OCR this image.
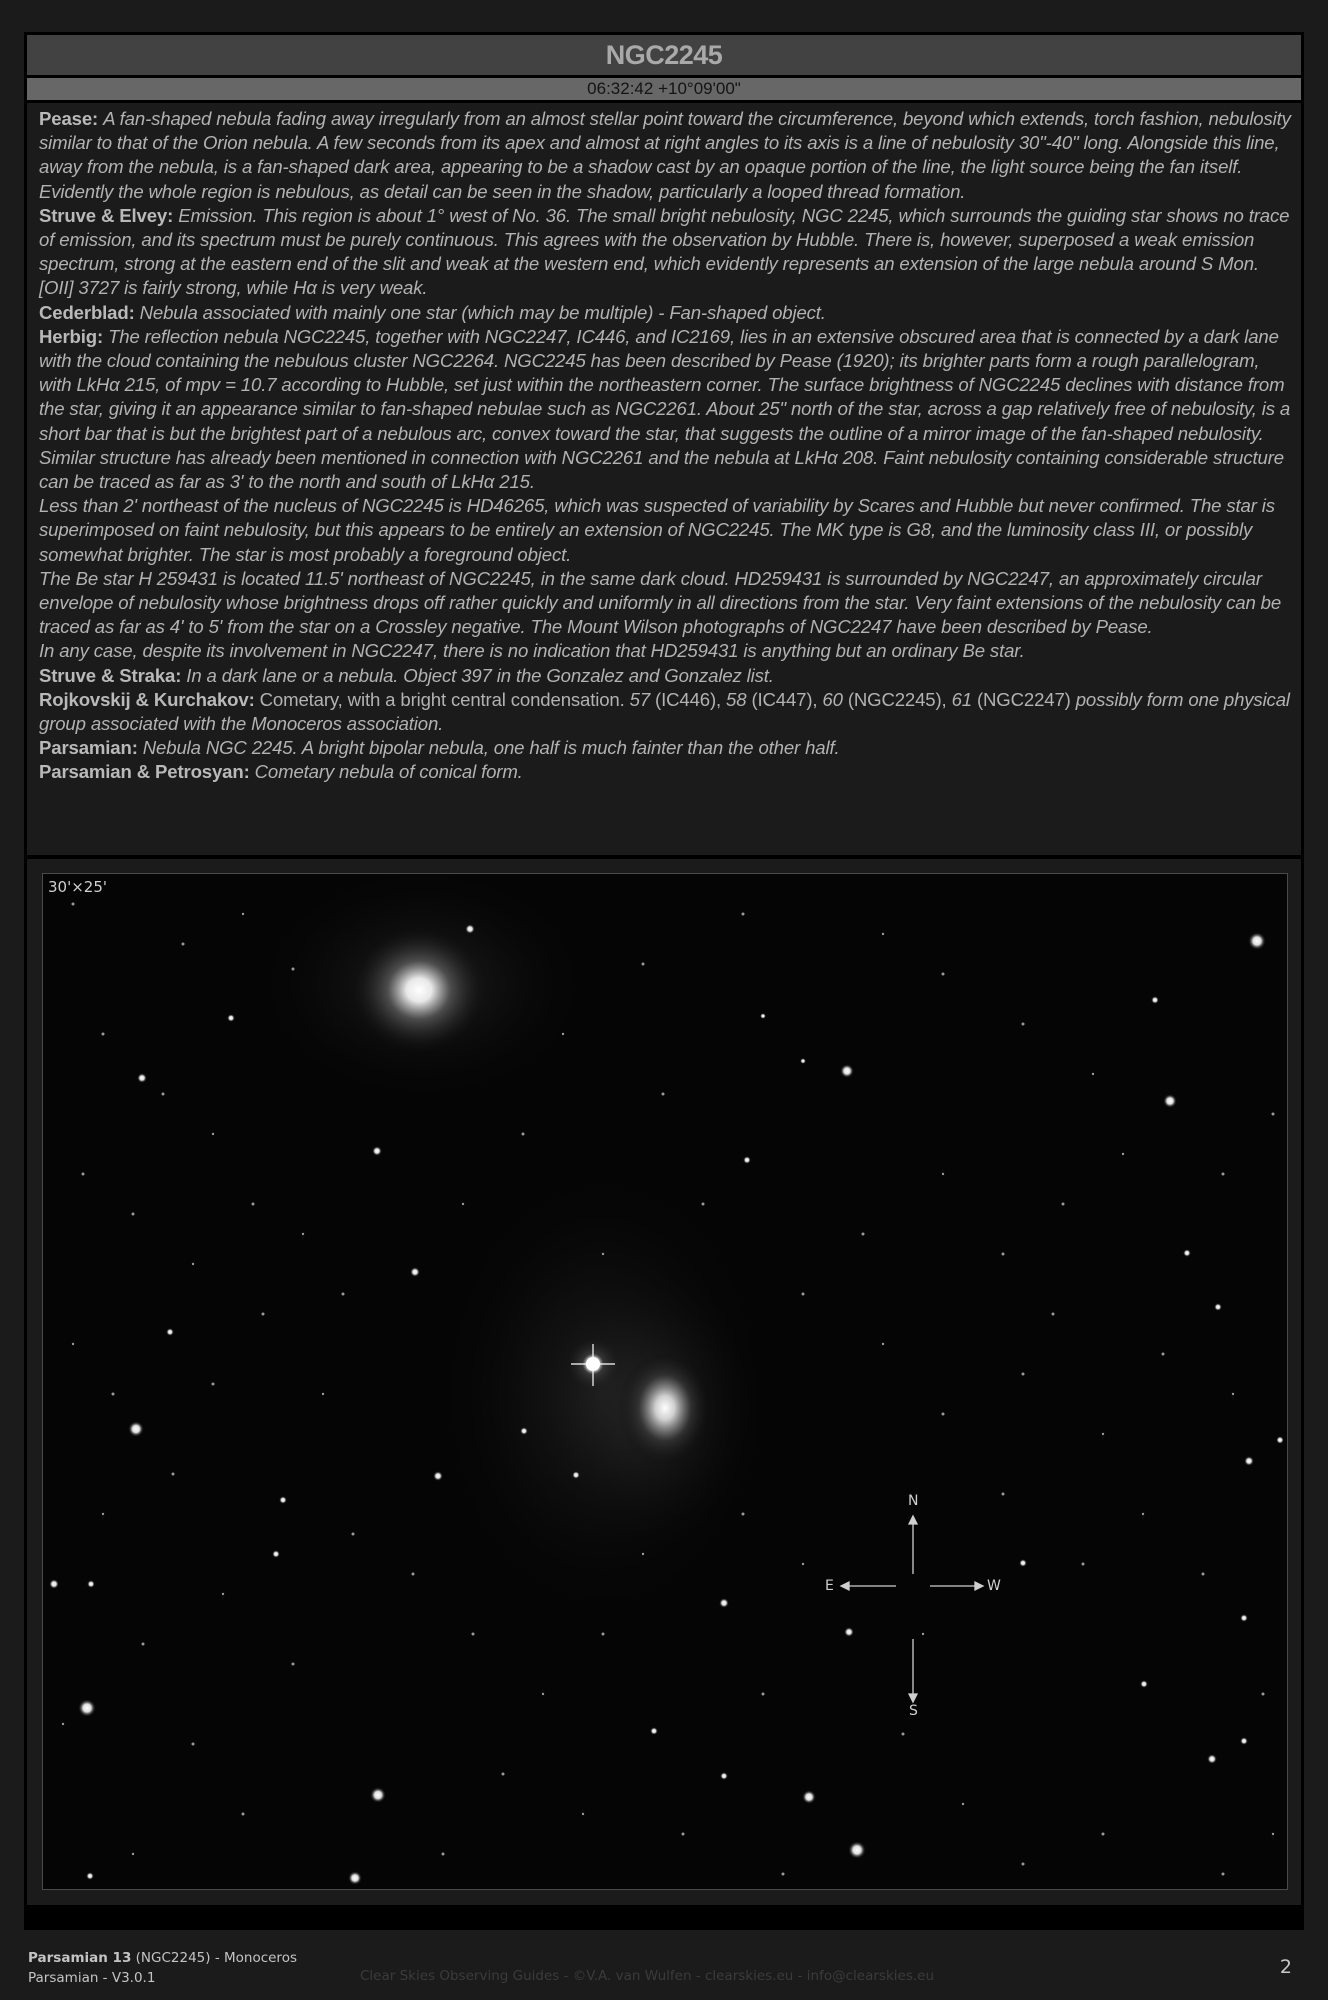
NGC2245
06:32:42 +10°09'00"

Pease: A fan-shaped nebula fading away irregularly from an almost stellar point toward the circumference, beyond which extends, torch fashion, nebulosity similar to that of the Orion nebula. A few seconds from its apex and almost at right angles to its axis is a line of nebulosity 30"-40" long. Alongside this line, away from the nebula, is a fan-shaped dark area, appearing to be a shadow cast by an opaque portion of the line, the light source being the fan itself. Evidently the whole region is nebulous, as detail can be seen in the shadow, particularly a looped thread formation.

Struve & Elvey: Emission. This region is about 1° west of No. 36. The small bright nebulosity, NGC 2245, which surrounds the guiding star shows no trace of emission, and its spectrum must be purely continuous. This agrees with the observation by Hubble. There is, however, superposed a weak emission spectrum, strong at the eastern end of the slit and weak at the western end, which evidently represents an extension of the large nebula around S Mon. [OII] 3727 is fairly strong, while Hα is very weak.

Cederblad: Nebula associated with mainly one star (which may be multiple) - Fan-shaped object.

Herbig: The reflection nebula NGC2245, together with NGC2247, IC446, and IC2169, lies in an extensive obscured area that is connected by a dark lane with the cloud containing the nebulous cluster NGC2264. NGC2245 has been described by Pease (1920); its brighter parts form a rough parallelogram, with LkHα 215, of mpv = 10.7 according to Hubble, set just within the northeastern corner. The surface brightness of NGC2245 declines with distance from the star, giving it an appearance similar to fan-shaped nebulae such as NGC2261. About 25" north of the star, across a gap relatively free of nebulosity, is a short bar that is but the brightest part of a nebulous arc, convex toward the star, that suggests the outline of a mirror image of the fan-shaped nebulosity. Similar structure has already been mentioned in connection with NGC2261 and the nebula at LkHα 208. Faint nebulosity containing considerable structure can be traced as far as 3' to the north and south of LkHα 215.

Less than 2' northeast of the nucleus of NGC2245 is HD46265, which was suspected of variability by Scares and Hubble but never confirmed. The star is superimposed on faint nebulosity, but this appears to be entirely an extension of NGC2245. The MK type is G8, and the luminosity class III, or possibly somewhat brighter. The star is most probably a foreground object.

The Be star H 259431 is located 11.5' northeast of NGC2245, in the same dark cloud. HD259431 is surrounded by NGC2247, an approximately circular envelope of nebulosity whose brightness drops off rather quickly and uniformly in all directions from the star. Very faint extensions of the nebulosity can be traced as far as 4' to 5' from the star on a Crossley negative. The Mount Wilson photographs of NGC2247 have been described by Pease.

In any case, despite its involvement in NGC2247, there is no indication that HD259431 is anything but an ordinary Be star.

Struve & Straka: In a dark lane or a nebula. Object 397 in the Gonzalez and Gonzalez list.

Rojkovskij & Kurchakov: Cometary, with a bright central condensation. 57 (IC446), 58 (IC447), 60 (NGC2245), 61 (NGC2247) possibly form one physical group associated with the Monoceros association.

Parsamian: Nebula NGC 2245. A bright bipolar nebula, one half is much fainter than the other half.

Parsamian & Petrosyan: Cometary nebula of conical form.

30'×25'
N
S
E	W
Parsamian 13 (NGC2245) - Monoceros
Parsamian - V3.0.1	Clear Skies Observing Guides - ©V.A. van Wulfen - clearskies.eu - info@clearskies.eu	2
